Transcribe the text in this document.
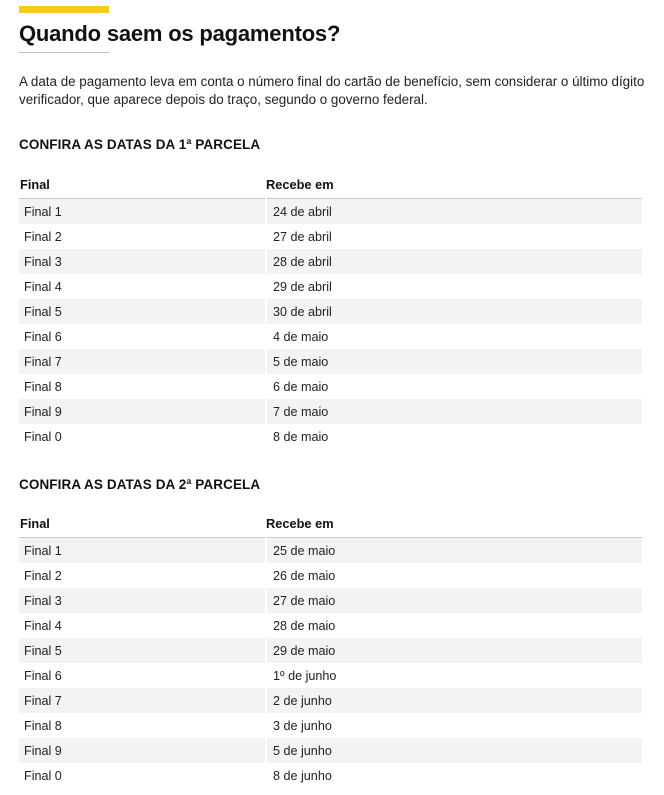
Quando saem os pagamentos?

A data de pagamento leva em conta o número final do cartão de benefício, sem considerar o último dígito verificador, que aparece depois do traço, segundo o governo federal.

CONFIRA AS DATAS DA 1ª PARCELA
Final	Recebe em
Final 1	24 de abril
Final 2	27 de abril
Final 3	28 de abril
Final 4	29 de abril
Final 5	30 de abril
Final 6	4 de maio
Final 7	5 de maio
Final 8	6 de maio
Final 9	7 de maio
Final 0	8 de maio
CONFIRA AS DATAS DA 2ª PARCELA
Final	Recebe em
Final 1	25 de maio
Final 2	26 de maio
Final 3	27 de maio
Final 4	28 de maio
Final 5	29 de maio
Final 6	1º de junho
Final 7	2 de junho
Final 8	3 de junho
Final 9	5 de junho
Final 0	8 de junho
